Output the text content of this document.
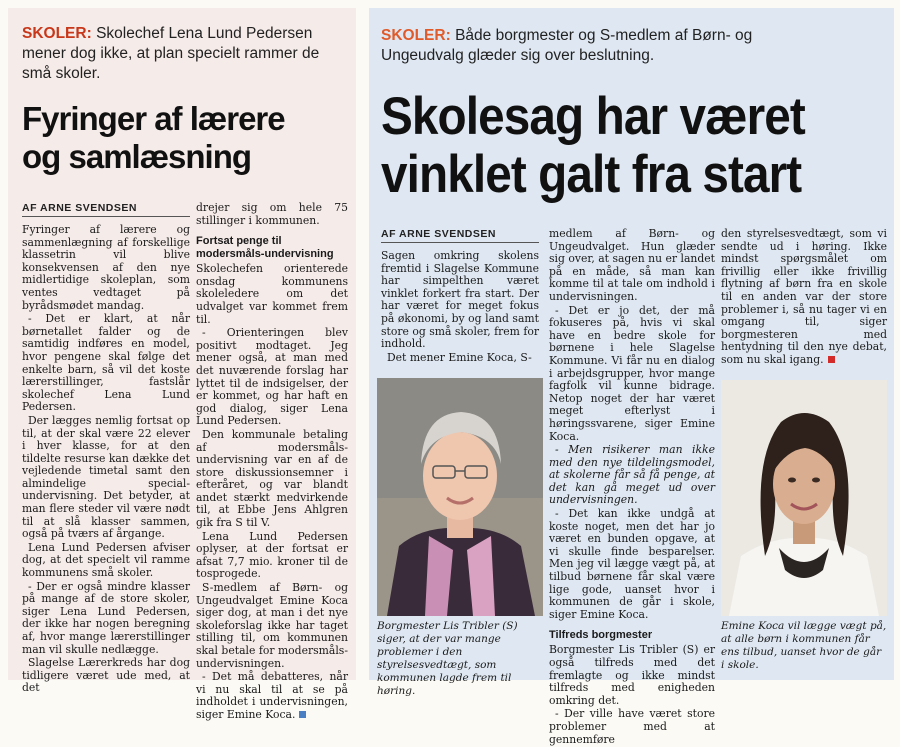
SKOLER: Skolechef Lena Lund Pedersen mener dog ikke, at plan specielt rammer de små skoler.
Fyringer af lærere
og samlæsning
AF ARNE SVENDSEN

Fyringer af lærere og sammenlægning af forskellige klassetrin vil blive konsekvensen af den nye midlertidige skoleplan, som ventes vedtaget på byrådsmødet mandag.

- Det er klart, at når børnetallet falder og de samtidig indføres en model, hvor pengene skal følge det enkelte barn, så vil det koste lærerstillinger, fastslår skolechef Lena Lund Pedersen.

Der lægges nemlig fortsat op til, at der skal være 22 elever i hver klasse, for at den tildelte resurse kan dække det vejledende timetal samt den almindelige special-undervisning. Det betyder, at man flere steder vil være nødt til at slå klasser sammen, også på tværs af årgange.

Lena Lund Pedersen afviser dog, at det specielt vil ramme kommunens små skoler.

- Der er også mindre klasser på mange af de store skoler, siger Lena Lund Pedersen, der ikke har nogen beregning af, hvor mange lærerstillinger man vil skulle nedlægge.

Slagelse Lærerkreds har dog tidligere været ude med, at det

drejer sig om hele 75 stillinger i kommunen.

Fortsat penge til modersmåls-undervisning

Skolechefen orienterede onsdag kommunens skoleledere om det udvalget var kommet frem til.

- Orienteringen blev positivt modtaget. Jeg mener også, at man med det nuværende forslag har lyttet til de indsigelser, der er kommet, og har haft en god dialog, siger Lena Lund Pedersen.

Den kommunale betaling af modersmåls-undervisning var en af de store diskussionsemner i efteråret, og var blandt andet stærkt medvirkende til, at Ebbe Jens Ahlgren gik fra S til V.

Lena Lund Pedersen oplyser, at der fortsat er afsat 7,7 mio. kroner til de tosprogede.

S-medlem af Børn- og Ungeudvalget Emine Koca siger dog, at man i det nye skoleforslag ikke har taget stilling til, om kommunen skal betale for modersmåls-undervisningen.

- Det må debatteres, når vi nu skal til at se på indholdet i undervisningen, siger Emine Koca.

SKOLER: Både borgmester og S-medlem af Børn- og Ungeudvalg glæder sig over beslutning.
Skolesag har været
vinklet galt fra start
AF ARNE SVENDSEN

Sagen omkring skolens fremtid i Slagelse Kommune har simpelthen været vinklet forkert fra start. Der har været for meget fokus på økonomi, by og land samt store og små skoler, frem for indhold.

Det mener Emine Koca, S-

Borgmester Lis Tribler (S) siger, at der var mange problemer i den styrelsesvedtægt, som kommunen lagde frem til høring.

medlem af Børn- og Ungeudvalget. Hun glæder sig over, at sagen nu er landet på en måde, så man kan komme til at tale om indhold i undervisningen.

- Det er jo det, der må fokuseres på, hvis vi skal have en bedre skole for børnene i hele Slagelse Kommune. Vi får nu en dialog i arbejdsgrupper, hvor mange fagfolk vil kunne bidrage. Netop noget der har været meget efterlyst i høringssvarene, siger Emine Koca.

- Men risikerer man ikke med den nye tildelingsmodel, at skolerne får så få penge, at det kan gå meget ud over undervisningen.

- Det kan ikke undgå at koste noget, men det har jo været en bunden opgave, at vi skulle finde besparelser. Men jeg vil lægge vægt på, at tilbud børnene får skal være lige gode, uanset hvor i kommunen de går i skole, siger Emine Koca.

Tilfreds borgmester

Borgmester Lis Tribler (S) er også tilfreds med det fremlagte og ikke mindst tilfreds med enigheden omkring det.

- Der ville have været store problemer med at gennemføre

den styrelsesvedtægt, som vi sendte ud i høring. Ikke mindst spørgsmålet om frivillig eller ikke frivillig flytning af børn fra en skole til en anden var der store problemer i, så nu tager vi en omgang til, siger borgmesteren med hentydning til den nye debat, som nu skal igang.

Emine Koca vil lægge vægt på, at alle børn i kommunen får ens tilbud, uanset hvor de går i skole.
